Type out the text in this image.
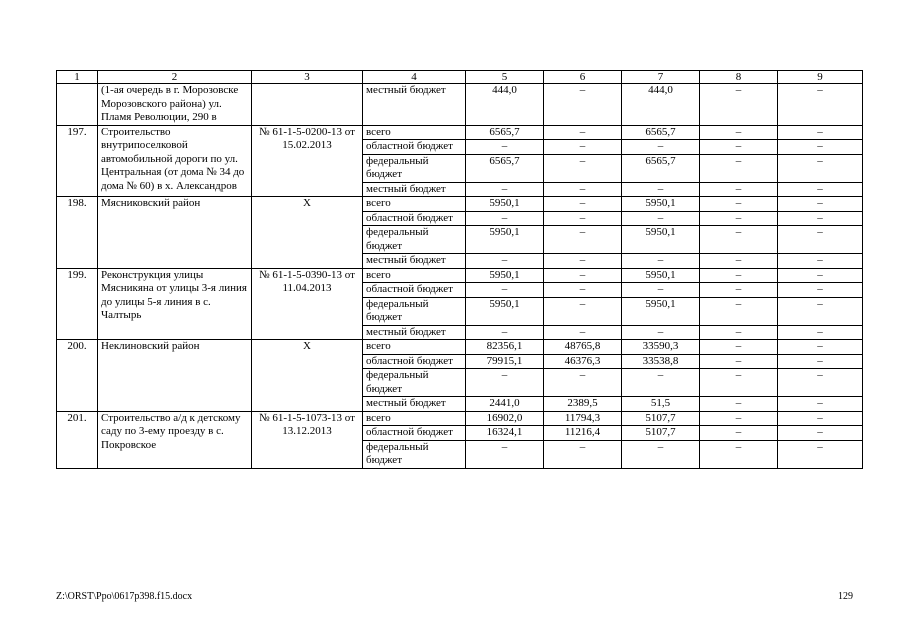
1	2	3	4	5	6	7	8	9
	(1-ая очередь в г. Морозовске Морозовского района) ул. Пламя Революции, 290 в		местный бюджет	444,0	–	444,0	–	–
197.	Строительство внутрипоселковой автомобильной дороги по ул. Центральная (от дома № 34 до дома № 60) в х. Александров	№ 61-1-5-0200-13 от 15.02.2013	всего	6565,7	–	6565,7	–	–
			областной бюджет	–	–	–	–	–
			федеральный бюджет	6565,7	–	6565,7	–	–
			местный бюджет	–	–	–	–	–
198.	Мясниковский район	Х	всего	5950,1	–	5950,1	–	–
			областной бюджет	–	–	–	–	–
			федеральный бюджет	5950,1	–	5950,1	–	–
			местный бюджет	–	–	–	–	–
199.	Реконструкция улицы Мясникяна от улицы 3-я линия до улицы 5-я линия в с. Чалтырь	№ 61-1-5-0390-13 от 11.04.2013	всего	5950,1	–	5950,1	–	–
			областной бюджет	–	–	–	–	–
			федеральный бюджет	5950,1	–	5950,1	–	–
			местный бюджет	–	–	–	–	–
200.	Неклиновский район	Х	всего	82356,1	48765,8	33590,3	–	–
			областной бюджет	79915,1	46376,3	33538,8	–	–
			федеральный бюджет	–	–	–	–	–
			местный бюджет	2441,0	2389,5	51,5	–	–
201.	Строительство а/д к детскому саду по 3-ему проезду в с. Покровское	№ 61-1-5-1073-13 от 13.12.2013	всего	16902,0	11794,3	5107,7	–	–
			областной бюджет	16324,1	11216,4	5107,7	–	–
			федеральный бюджет	–	–	–	–	–
Z:\ORST\Ppo\0617p398.f15.docx	129
